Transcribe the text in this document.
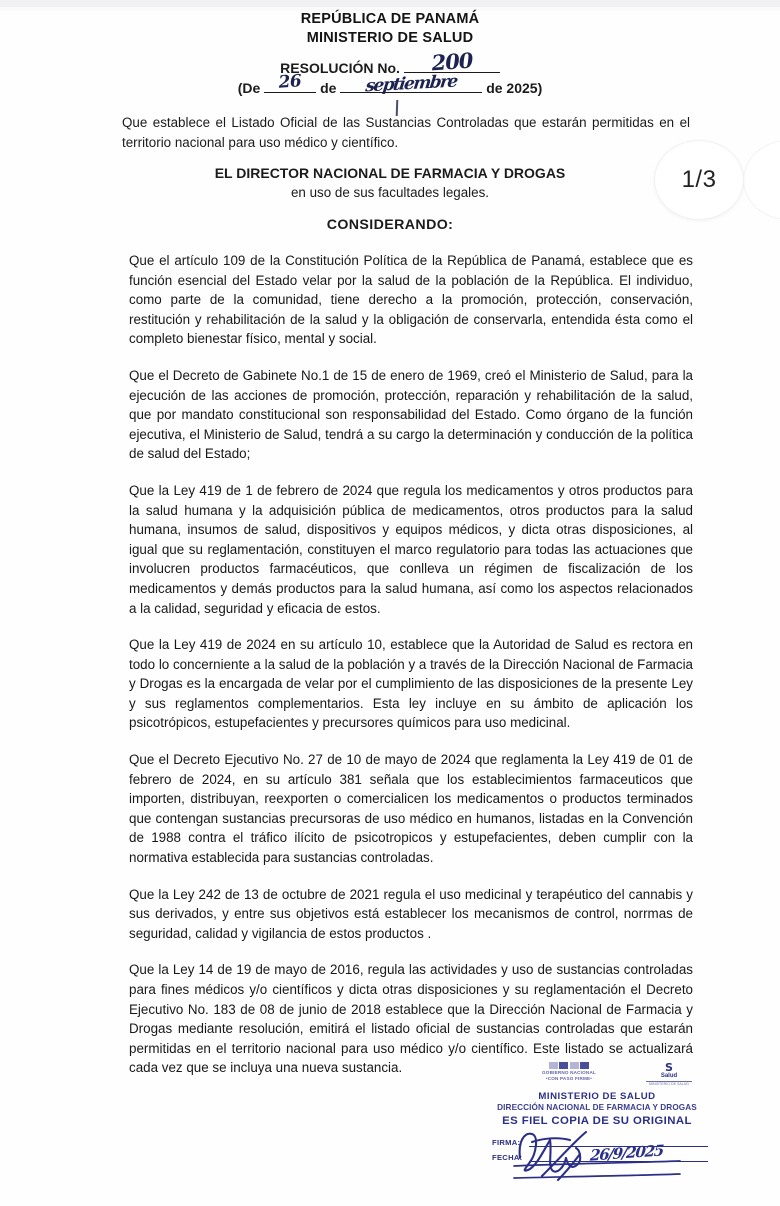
REPÚBLICA DE PANAMÁ
MINISTERIO DE SALUD
RESOLUCIÓN No. 200
(De 26 de septiembre de 2025)
Que establece el Listado Oficial de las Sustancias Controladas que estarán permitidas en el territorio nacional para uso médico y científico.
EL DIRECTOR NACIONAL DE FARMACIA Y DROGAS
en uso de sus facultades legales.
CONSIDERANDO:

Que el artículo 109 de la Constitución Política de la República de Panamá, establece que es función esencial del Estado velar por la salud de la población de la República. El individuo, como parte de la comunidad, tiene derecho a la promoción, protección, conservación, restitución y rehabilitación de la salud y la obligación de conservarla, entendida ésta como el completo bienestar físico, mental y social.

Que el Decreto de Gabinete No.1 de 15 de enero de 1969, creó el Ministerio de Salud, para la ejecución de las acciones de promoción, protección, reparación y rehabilitación de la salud, que por mandato constitucional son responsabilidad del Estado. Como órgano de la función ejecutiva, el Ministerio de Salud, tendrá a su cargo la determinación y conducción de la política de salud del Estado;

Que la Ley 419 de 1 de febrero de 2024 que regula los medicamentos y otros productos para la salud humana y la adquisición pública de medicamentos, otros productos para la salud humana, insumos de salud, dispositivos y equipos médicos, y dicta otras disposiciones, al igual que su reglamentación, constituyen el marco regulatorio para todas las actuaciones que involucren productos farmacéuticos, que conlleva un régimen de fiscalización de los medicamentos y demás productos para la salud humana, así como los aspectos relacionados a la calidad, seguridad y eficacia de estos.

Que la Ley 419 de 2024 en su artículo 10, establece que la Autoridad de Salud es rectora en todo lo concerniente a la salud de la población y a través de la Dirección Nacional de Farmacia y Drogas es la encargada de velar por el cumplimiento de las disposiciones de la presente Ley y sus reglamentos complementarios. Esta ley incluye en su ámbito de aplicación los psicotrópicos, estupefacientes y precursores químicos para uso medicinal.

Que el Decreto Ejecutivo No. 27 de 10 de mayo de 2024 que reglamenta la Ley 419 de 01 de febrero de 2024, en su artículo 381 señala que los establecimientos farmaceuticos que importen, distribuyan, reexporten o comercialicen los medicamentos o productos terminados que contengan sustancias precursoras de uso médico en humanos, listadas en la Convención de 1988 contra el tráfico ilícito de psicotropicos y estupefacientes, deben cumplir con la normativa establecida para sustancias controladas.

Que la Ley 242 de 13 de octubre de 2021 regula el uso medicinal y terapéutico del cannabis y sus derivados, y entre sus objetivos está establecer los mecanismos de control, norrmas de seguridad, calidad y vigilancia de estos productos .

Que la Ley 14 de 19 de mayo de 2016, regula las actividades y uso de sustancias controladas para fines médicos y/o científicos y dicta otras disposiciones y su reglamentación el Decreto Ejecutivo No. 183 de 08 de junio de 2018 establece que la Dirección Nacional de Farmacia y Drogas mediante resolución, emitirá el listado oficial de sustancias controladas que estarán permitidas en el territorio nacional para uso médico y/o científico. Este listado se actualizará cada vez que se incluya una nueva sustancia.	GOBIERNO NACIONAL
•CON PASO FIRME•
S
Salud
MINISTERIO DE SALUD
MINISTERIO DE SALUD
DIRECCIÓN NACIONAL DE FARMACIA Y DROGAS
ES FIEL COPIA DE SU ORIGINAL
FIRMA:
FECHA:	26/9/2025
1/3
